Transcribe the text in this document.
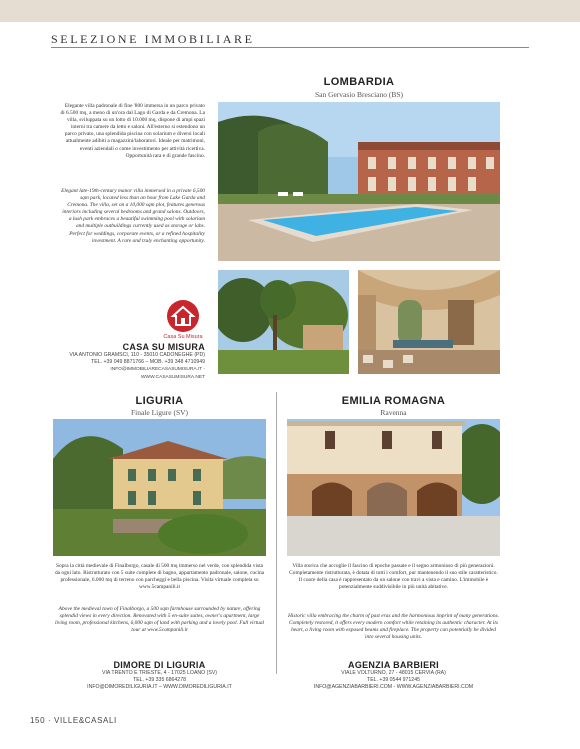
SELEZIONE IMMOBILIARE
LOMBARDIA
San Gervasio Bresciano (BS)
Elegante villa padronale di fine '800 immersa in un parco privato di 6.500 mq, a meno di un'ora dal Lago di Garda e da Cremona. La villa, sviluppata su un lotto di 10.000 mq, dispone di ampi spazi interni tra camere da letto e saloni. All'esterno si estendono un parco privato, una splendida piscina con solarium e diversi locali attualmente adibiti a magazzini/laboratori. Ideale per matrimoni, eventi aziendali o come investimento per attività ricettiva. Opportunità rara e di grande fascino.
Elegant late-19th-century manor villa immersed in a private 6,500 sqm park, located less than an hour from Lake Garda and Cremona. The villa, set on a 10,000 sqm plot, features generous interiors including several bedrooms and grand salons. Outdoors, a lush park embraces a beautiful swimming pool with solarium and multiple outbuildings currently used as storage or labs. Perfect for weddings, corporate events, or a refined hospitality investment. A rare and truly enchanting opportunity.
Casa Su Misura
CASA SU MISURA
VIA ANTONIO GRAMSCI, 110 - 35010 CADONEGHE (PD)
TEL. +39 049 8871766 – MOB. +39 348 4710949
INFO@IMMOBILIARECASASUMISURA.IT - WWW.CASASUMISURA.NET
LIGURIA
Finale Ligure (SV)
Sopra la città medievale di Finalborgo, casale di 500 mq immerso nel verde, con splendida vista da ogni lato. Ristrutturato con 5 suite complete di bagno, appartamento padronale, salone, cucina professionale, 6.000 mq di terreno con parcheggi e bella piscina. Visita virtuale completa su www.5campanili.it
Above the medieval town of Finalborgo, a 500 sqm farmhouse surrounded by nature, offering splendid views in every direction. Renovated with 5 en-suite suites, owner's apartment, large living room, professional kitchens, 6,000 sqm of land with parking and a lovely pool. Full virtual tour at www.5campanili.it
DIMORE DI LIGURIA
VIA TRENTO E TRIESTE, 4 - 17025 LOANO (SV)
TEL. +39 335 6864278
INFO@DIMOREDILIGURIA.IT – WWW.DIMOREDILIGURIA.IT
EMILIA ROMAGNA
Ravenna
Villa storica che accoglie il fascino di epoche passate e il segno armonioso di più generazioni. Completamente ristrutturata, è dotata di tutti i comfort, pur mantenendo il suo stile caratteristico. Il cuore della casa è rappresentato da un salone con travi a vista e camino. L'immobile è potenzialmente suddivisibile in più unità abitative.
Historic villa embracing the charm of past eras and the harmonious imprint of many generations. Completely restored, it offers every modern comfort while retaining its authentic character. At its heart, a living room with exposed beams and fireplace. The property can potentially be divided into several housing units.
AGENZIA BARBIERI
VIALE VOLTURNO, 27 - 48015 CERVIA (RA)
TEL. +39 0544 971245
INFO@AGENZIABARBIERI.COM - WWW.AGENZIABARBIERI.COM
150 · VILLE&CASALI
